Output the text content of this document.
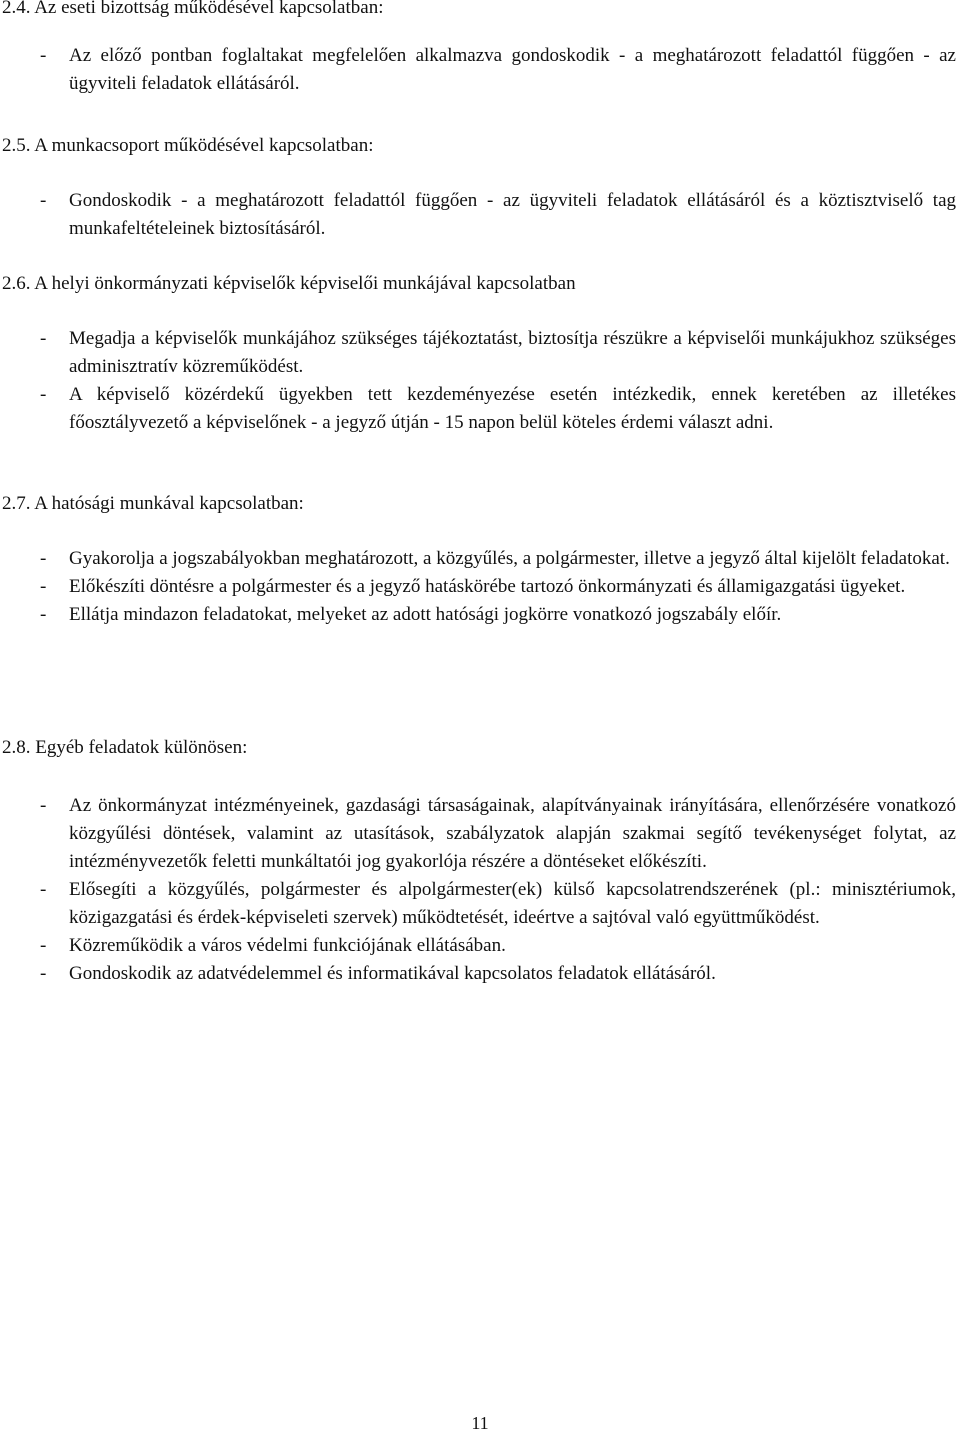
2.4. Az eseti bizottság működésével kapcsolatban:
- Az előző pontban foglaltakat megfelelően alkalmazva gondoskodik - a meghatározott feladattól függően - az ügyviteli feladatok ellátásáról.
2.5. A munkacsoport működésével kapcsolatban:
- Gondoskodik - a meghatározott feladattól függően - az ügyviteli feladatok ellátásáról és a köztisztviselő tag munkafeltételeinek biztosításáról.
2.6. A helyi önkormányzati képviselők képviselői munkájával kapcsolatban
- Megadja a képviselők munkájához szükséges tájékoztatást, biztosítja részükre a képviselői munkájukhoz szükséges adminisztratív közreműködést.
- A képviselő közérdekű ügyekben tett kezdeményezése esetén intézkedik, ennek keretében az illetékes főosztályvezető a képviselőnek - a jegyző útján - 15 napon belül köteles érdemi választ adni.
2.7. A hatósági munkával kapcsolatban:
- Gyakorolja a jogszabályokban meghatározott, a közgyűlés, a polgármester, illetve a jegyző által kijelölt feladatokat.
- Előkészíti döntésre a polgármester és a jegyző hatáskörébe tartozó önkormányzati és államigazgatási ügyeket.
- Ellátja mindazon feladatokat, melyeket az adott hatósági jogkörre vonatkozó jogszabály előír.
2.8. Egyéb feladatok különösen:
- Az önkormányzat intézményeinek, gazdasági társaságainak, alapítványainak irányítására, ellenőrzésére vonatkozó közgyűlési döntések, valamint az utasítások, szabályzatok alapján szakmai segítő tevékenységet folytat, az intézményvezetők feletti munkáltatói jog gyakorlója részére a döntéseket előkészíti.
- Elősegíti a közgyűlés, polgármester és alpolgármester(ek) külső kapcsolatrendszerének (pl.: minisztériumok, közigazgatási és érdek-képviseleti szervek) működtetését, ideértve a sajtóval való együttműködést.
- Közreműködik a város védelmi funkciójának ellátásában.
- Gondoskodik az adatvédelemmel és informatikával kapcsolatos feladatok ellátásáról.
11
